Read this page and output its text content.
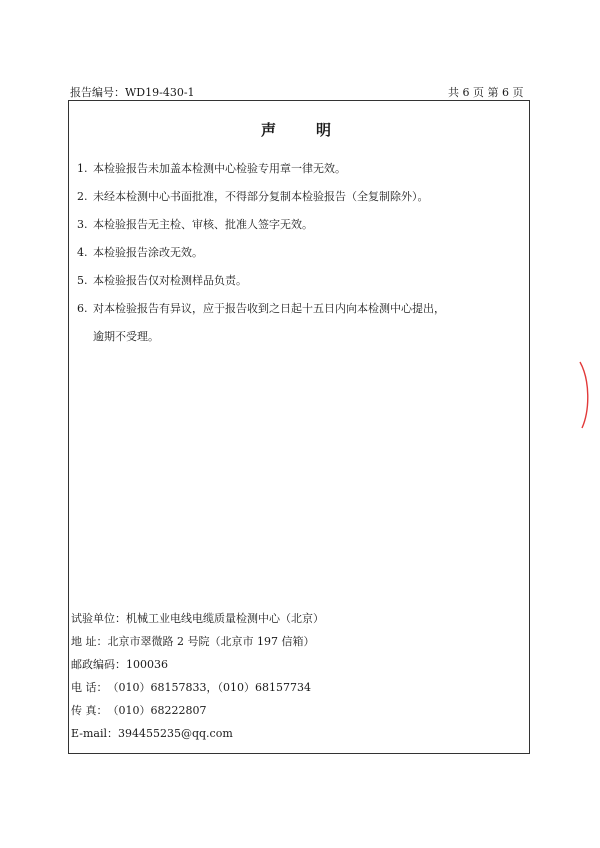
报告编号：WD19-430-1	共 6 页 第 6 页
声明
1. 本检验报告未加盖本检测中心检验专用章一律无效。
2. 未经本检测中心书面批准，不得部分复制本检验报告（全复制除外）。
3. 本检验报告无主检、审核、批准人签字无效。
4. 本检验报告涂改无效。
5. 本检验报告仅对检测样品负责。
6. 对本检验报告有异议，应于报告收到之日起十五日内向本检测中心提出，
逾期不受理。
试验单位：机械工业电线电缆质量检测中心（北京）
地 址：北京市翠微路 2 号院（北京市 197 信箱）
邮政编码：100036
电 话：（010）68157833，（010）68157734
传 真：（010）68222807
E-mail：394455235@qq.com
